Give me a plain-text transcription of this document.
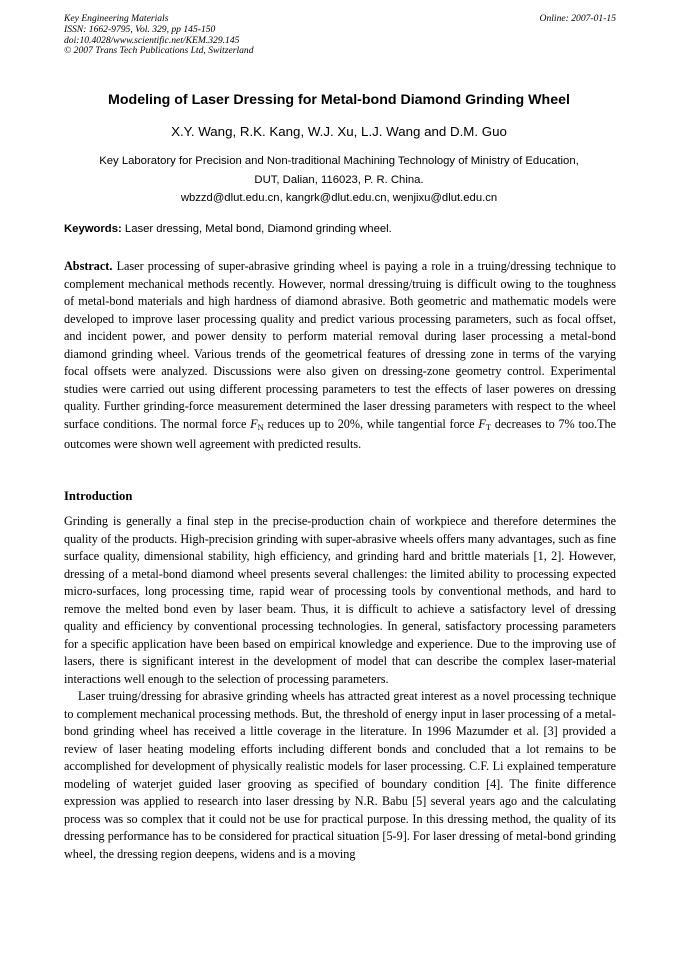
Key Engineering Materials
ISSN: 1662-9795, Vol. 329, pp 145-150
doi:10.4028/www.scientific.net/KEM.329.145
© 2007 Trans Tech Publications Ltd, Switzerland
Online: 2007-01-15
Modeling of Laser Dressing for Metal-bond Diamond Grinding Wheel
X.Y. Wang, R.K. Kang, W.J. Xu, L.J. Wang and D.M. Guo
Key Laboratory for Precision and Non-traditional Machining Technology of Ministry of Education,
DUT, Dalian, 116023, P. R. China.
wbzzd@dlut.edu.cn, kangrk@dlut.edu.cn, wenjixu@dlut.edu.cn
Keywords: Laser dressing, Metal bond, Diamond grinding wheel.
Abstract. Laser processing of super-abrasive grinding wheel is paying a role in a truing/dressing technique to complement mechanical methods recently. However, normal dressing/truing is difficult owing to the toughness of metal-bond materials and high hardness of diamond abrasive. Both geometric and mathematic models were developed to improve laser processing quality and predict various processing parameters, such as focal offset, and incident power, and power density to perform material removal during laser processing a metal-bond diamond grinding wheel. Various trends of the geometrical features of dressing zone in terms of the varying focal offsets were analyzed. Discussions were also given on dressing-zone geometry control. Experimental studies were carried out using different processing parameters to test the effects of laser poweres on dressing quality. Further grinding-force measurement determined the laser dressing parameters with respect to the wheel surface conditions. The normal force $F_N$ reduces up to 20%, while tangential force $F_T$ decreases to 7% too.The outcomes were shown well agreement with predicted results.
Introduction

Grinding is generally a final step in the precise-production chain of workpiece and therefore determines the quality of the products. High-precision grinding with super-abrasive wheels offers many advantages, such as fine surface quality, dimensional stability, high efficiency, and grinding hard and brittle materials [1, 2]. However, dressing of a metal-bond diamond wheel presents several challenges: the limited ability to processing expected micro-surfaces, long processing time, rapid wear of processing tools by conventional methods, and hard to remove the melted bond even by laser beam. Thus, it is difficult to achieve a satisfactory level of dressing quality and efficiency by conventional processing technologies. In general, satisfactory processing parameters for a specific application have been based on empirical knowledge and experience. Due to the improving use of lasers, there is significant interest in the development of model that can describe the complex laser-material interactions well enough to the selection of processing parameters.

Laser truing/dressing for abrasive grinding wheels has attracted great interest as a novel processing technique to complement mechanical processing methods. But, the threshold of energy input in laser processing of a metal-bond grinding wheel has received a little coverage in the literature. In 1996 Mazumder et al. [3] provided a review of laser heating modeling efforts including different bonds and concluded that a lot remains to be accomplished for development of physically realistic models for laser processing. C.F. Li explained temperature modeling of waterjet guided laser grooving as specified of boundary condition [4]. The finite difference expression was applied to research into laser dressing by N.R. Babu [5] several years ago and the calculating process was so complex that it could not be use for practical purpose. In this dressing method, the quality of its dressing performance has to be considered for practical situation [5-9]. For laser dressing of metal-bond grinding wheel, the dressing region deepens, widens and is a moving
